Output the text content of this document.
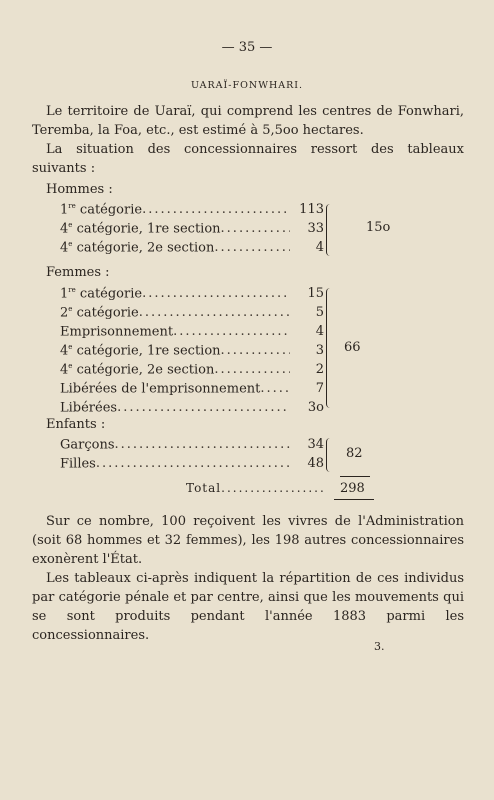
— 35 —
UARAÏ-FONWHARI.
Le territoire de Uaraï, qui comprend les centres de Fonwhari, Teremba, la Foa, etc., est estimé à 5,5oo hectares.
La situation des concessionnaires ressort des tableaux suivants :
Hommes :
1re catégorie .....	113
4e catégorie, 1re section .....	33
4e catégorie, 2e section .....	4
15o
Femmes :
1re catégorie .....	15
2e catégorie .....	5
Emprisonnement .....	4
4e catégorie, 1re section .....	3
4e catégorie, 2e section .....	2
Libérées de l'emprisonnement .....	7
Libérées .....	3o
66
Enfants :
Garçons .....	34
Filles .....	48
82
Total .....	298
Sur ce nombre, 100 reçoivent les vivres de l'Administration (soit 68 hommes et 32 femmes), les 198 autres concessionnaires exonèrent l'État.
Les tableaux ci-après indiquent la répartition de ces individus par catégorie pénale et par centre, ainsi que les mouvements qui se sont produits pendant l'année 1883 parmi les concessionnaires.
3.
